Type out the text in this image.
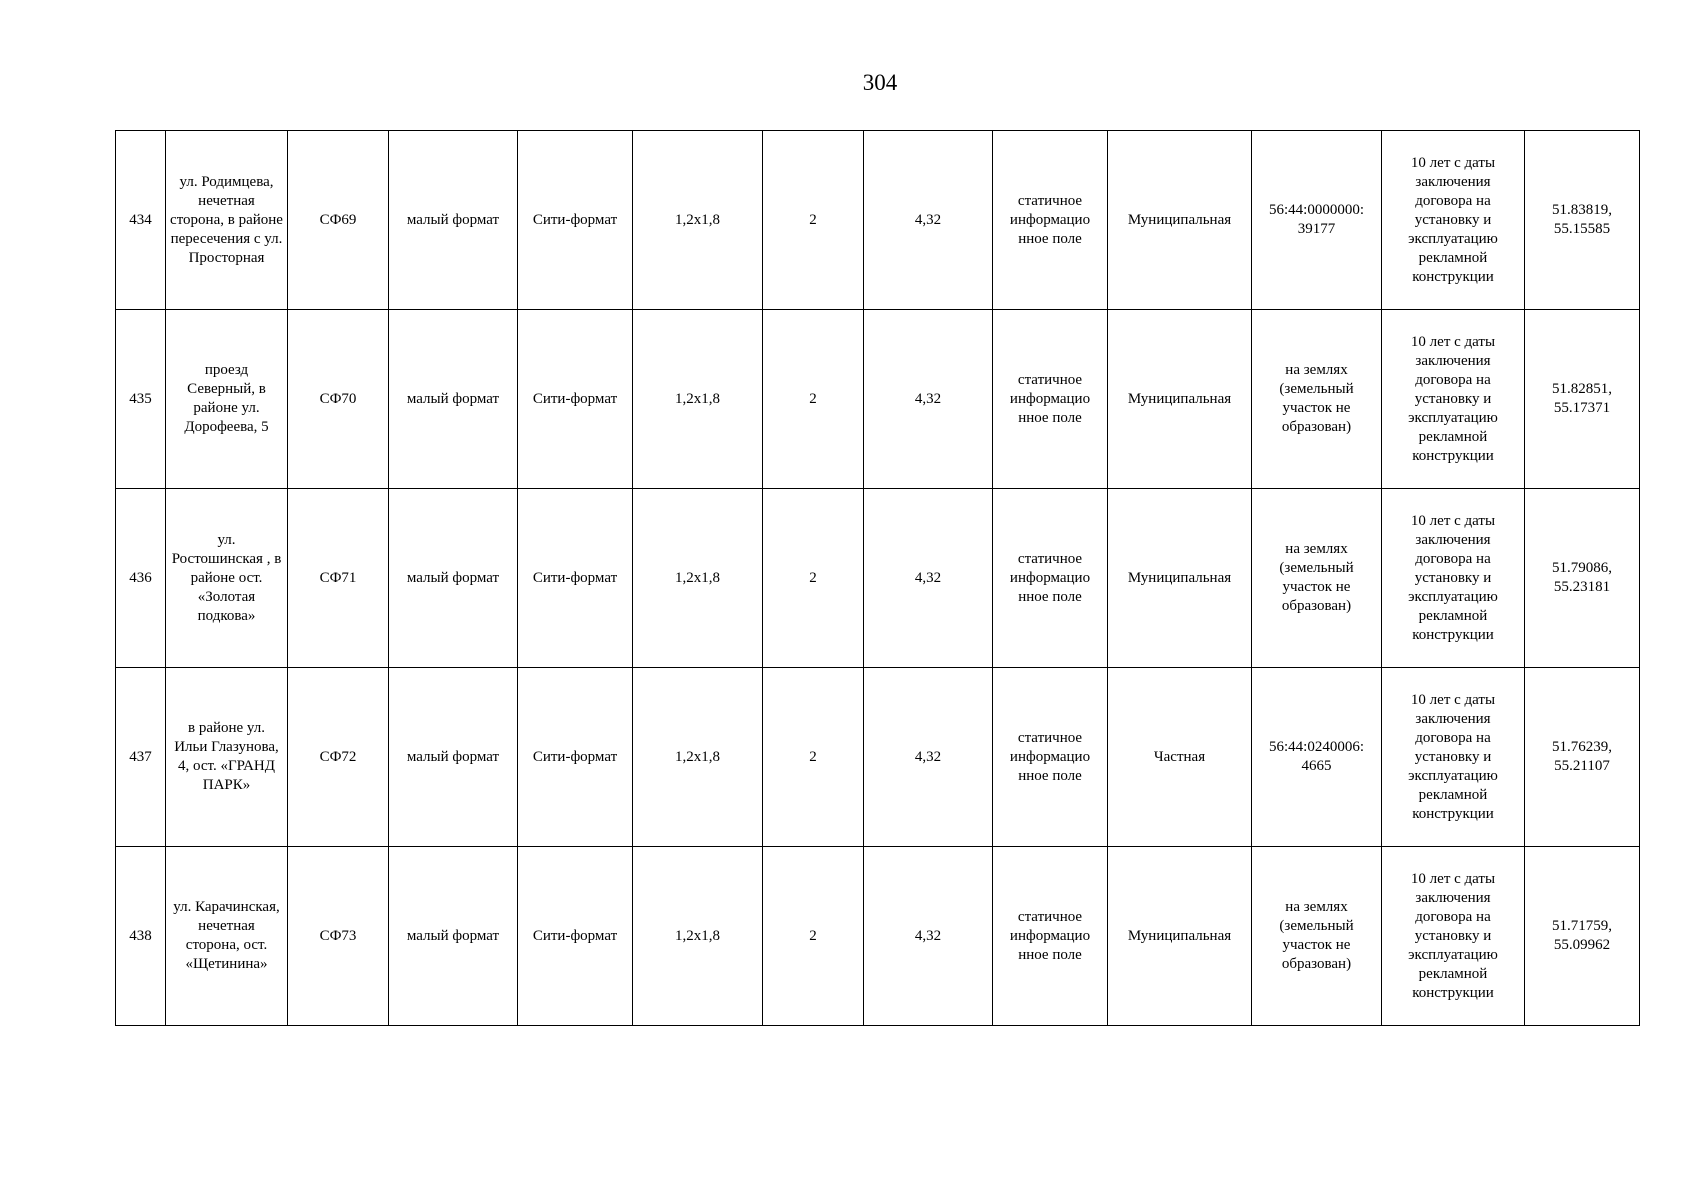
304
434	ул. Родимцева, нечетная сторона, в районе пересечения с ул. Просторная	СФ69	малый формат	Сити-формат	1,2х1,8	2	4,32	статичное информацио нное поле	Муниципальная	56:44:0000000: 39177	10 лет с даты заключения договора на установку и эксплуатацию рекламной конструкции	51.83819, 55.15585
435	проезд Северный, в районе ул. Дорофеева, 5	СФ70	малый формат	Сити-формат	1,2х1,8	2	4,32	статичное информацио нное поле	Муниципальная	на землях (земельный участок не образован)	10 лет с даты заключения договора на установку и эксплуатацию рекламной конструкции	51.82851, 55.17371
436	ул. Ростошинская , в районе ост. «Золотая подкова»	СФ71	малый формат	Сити-формат	1,2х1,8	2	4,32	статичное информацио нное поле	Муниципальная	на землях (земельный участок не образован)	10 лет с даты заключения договора на установку и эксплуатацию рекламной конструкции	51.79086, 55.23181
437	в районе ул. Ильи Глазунова, 4, ост. «ГРАНД ПАРК»	СФ72	малый формат	Сити-формат	1,2х1,8	2	4,32	статичное информацио нное поле	Частная	56:44:0240006: 4665	10 лет с даты заключения договора на установку и эксплуатацию рекламной конструкции	51.76239, 55.21107
438	ул. Карачинская, нечетная сторона, ост. «Щетинина»	СФ73	малый формат	Сити-формат	1,2х1,8	2	4,32	статичное информацио нное поле	Муниципальная	на землях (земельный участок не образован)	10 лет с даты заключения договора на установку и эксплуатацию рекламной конструкции	51.71759, 55.09962
